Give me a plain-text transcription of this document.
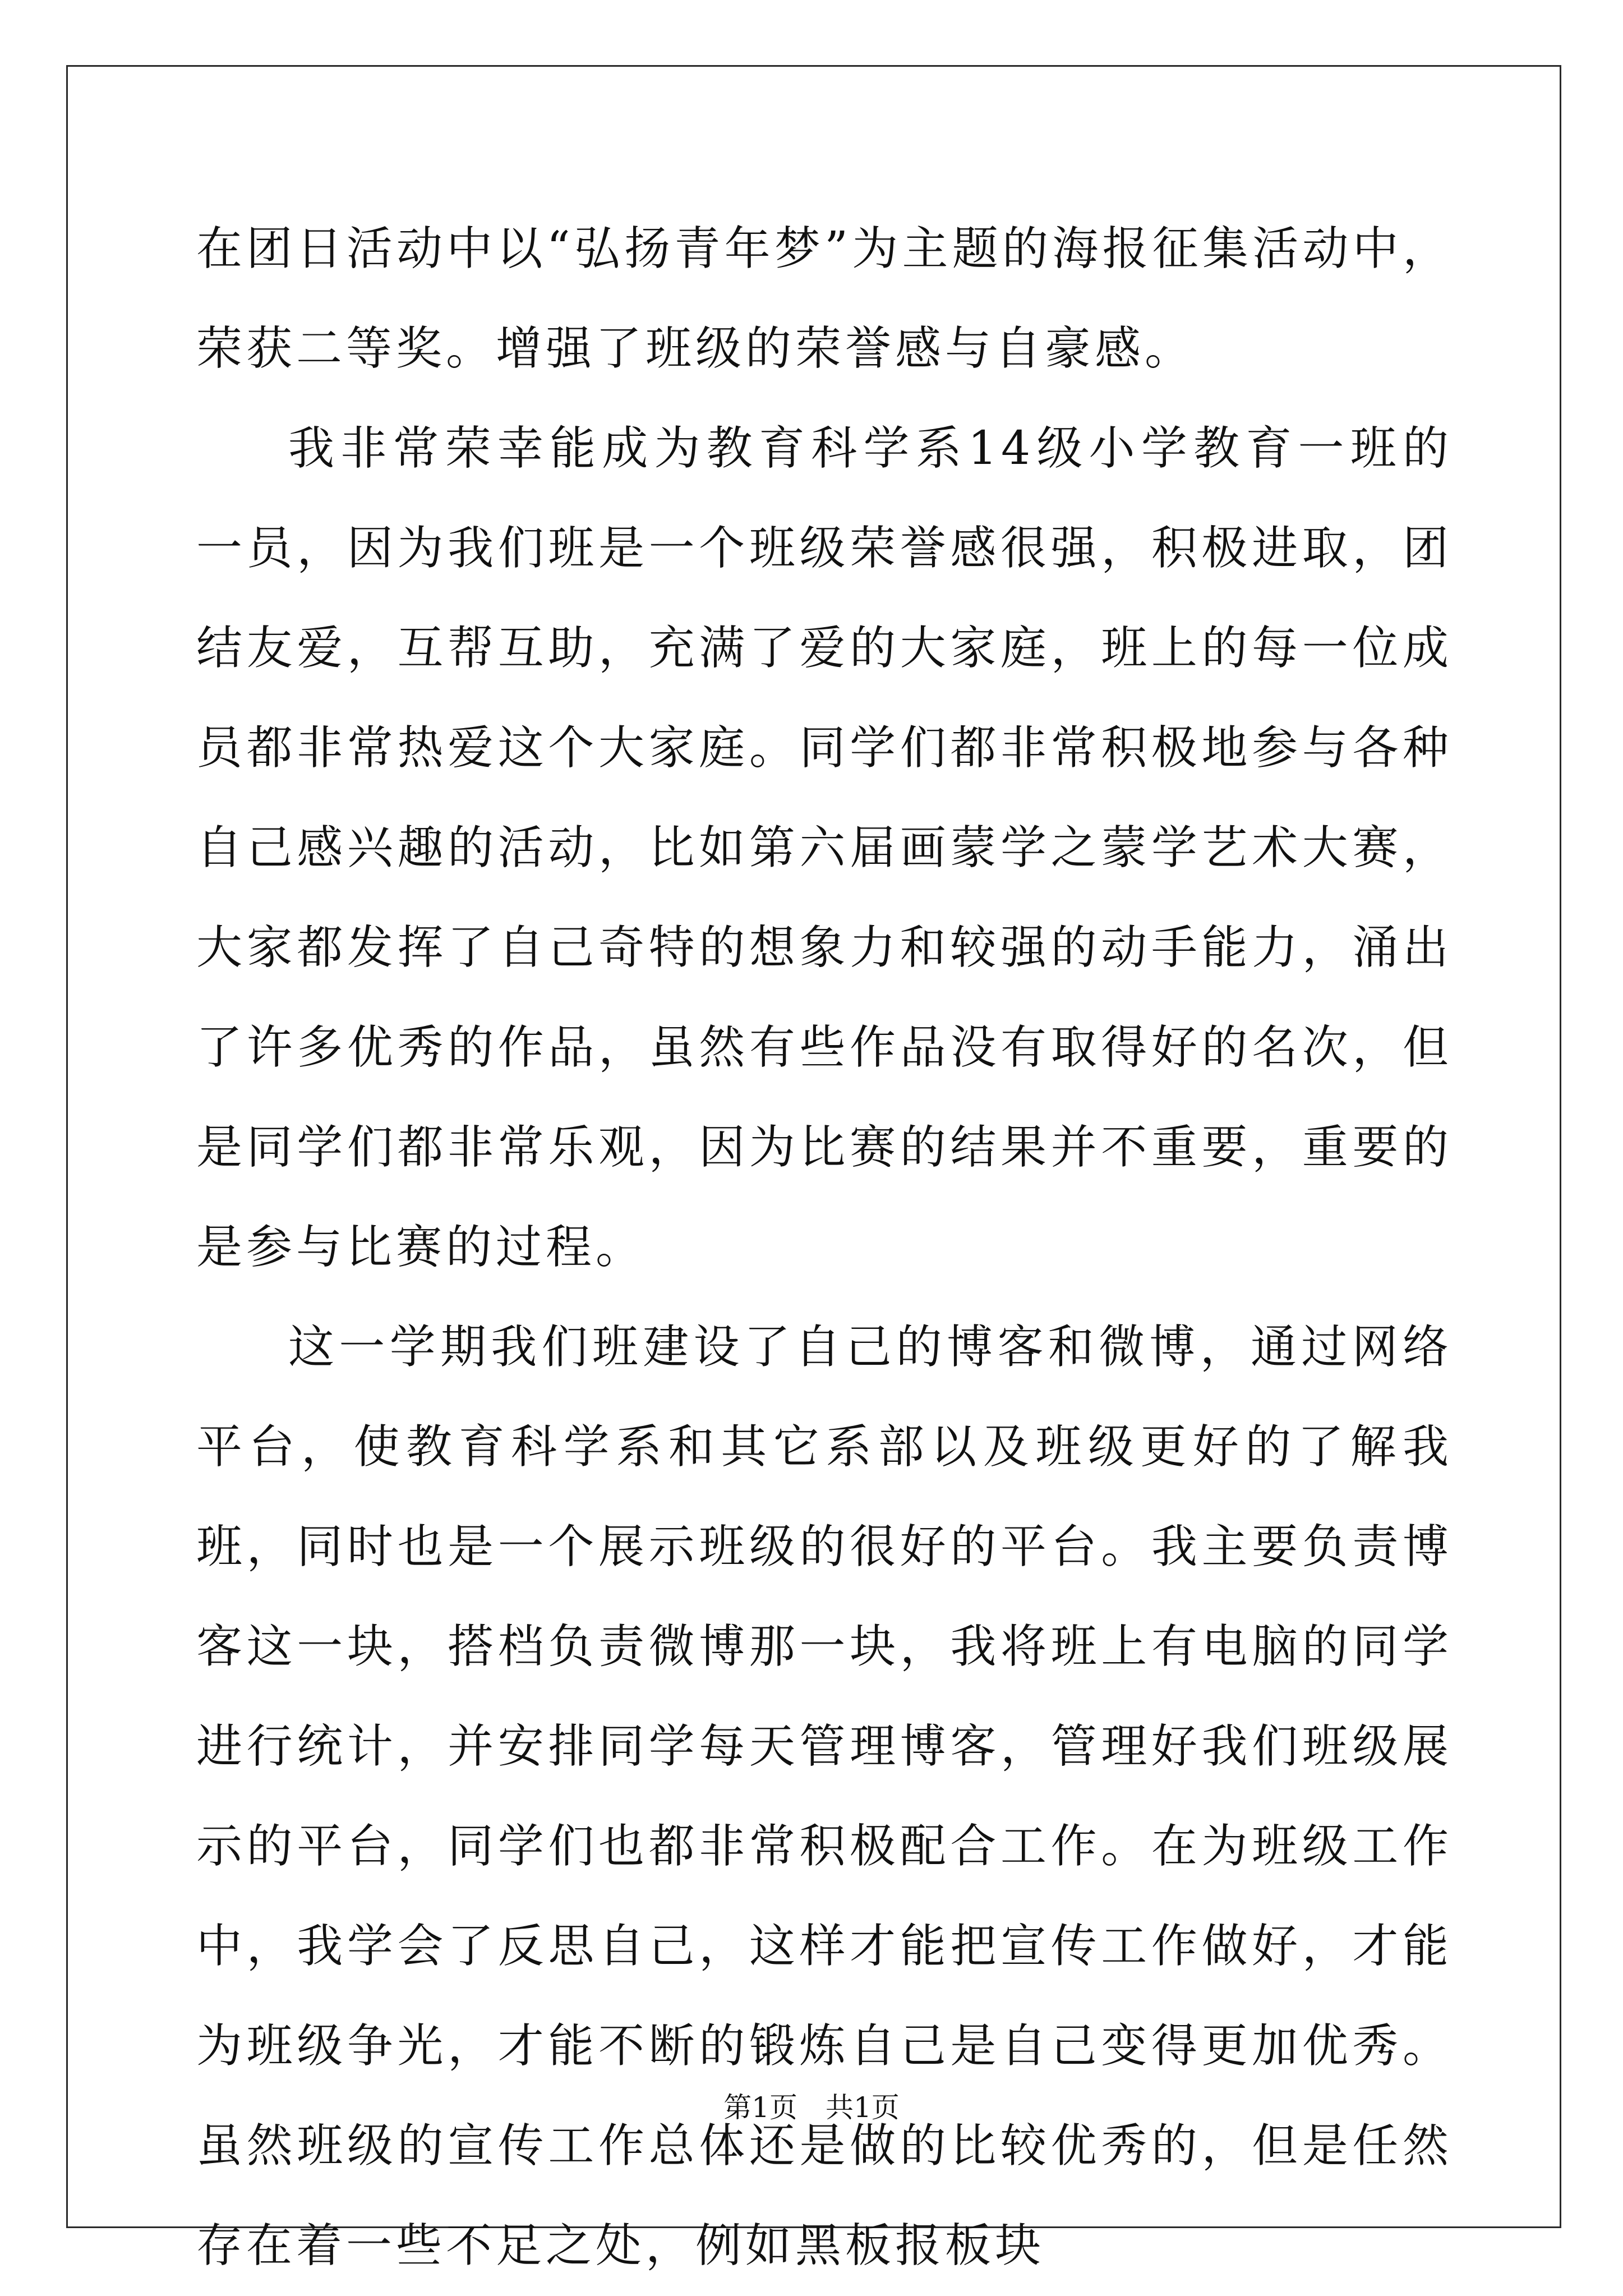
在团日活动中以“弘扬青年梦”为主题的海报征集活动中，荣获二等奖。增强了班级的荣誉感与自豪感。

我非常荣幸能成为教育科学系14级小学教育一班的一员，因为我们班是一个班级荣誉感很强，积极进取，团结友爱，互帮互助，充满了爱的大家庭，班上的每一位成员都非常热爱这个大家庭。同学们都非常积极地参与各种自己感兴趣的活动，比如第六届画蒙学之蒙学艺术大赛，大家都发挥了自己奇特的想象力和较强的动手能力，涌出了许多优秀的作品，虽然有些作品没有取得好的名次，但是同学们都非常乐观，因为比赛的结果并不重要，重要的是参与比赛的过程。

这一学期我们班建设了自己的博客和微博，通过网络平台，使教育科学系和其它系部以及班级更好的了解我班，同时也是一个展示班级的很好的平台。我主要负责博客这一块，搭档负责微博那一块，我将班上有电脑的同学进行统计，并安排同学每天管理博客，管理好我们班级展示的平台，同学们也都非常积极配合工作。在为班级工作中，我学会了反思自己，这样才能把宣传工作做好，才能为班级争光，才能不断的锻炼自己是自己变得更加优秀。虽然班级的宣传工作总体还是做的比较优秀的，但是任然存在着一些不足之处，例如黑板报板块

第1页 共1页
